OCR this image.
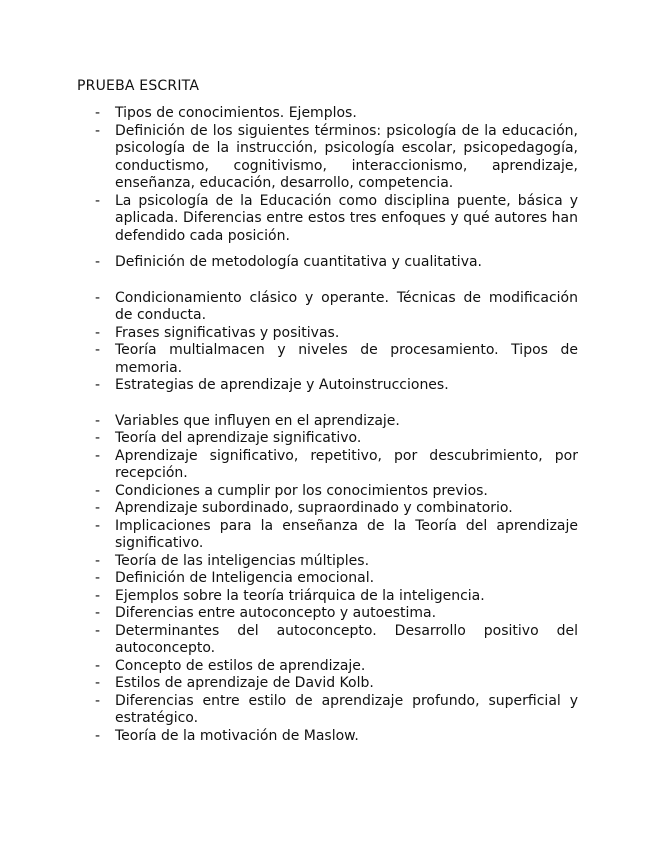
PRUEBA ESCRITA
- Tipos de conocimientos. Ejemplos.
- Definición de los siguientes términos: psicología de la educación, psicología de la instrucción, psicología escolar, psicopedagogía, conductismo, cognitivismo, interaccionismo, aprendizaje, enseñanza, educación, desarrollo, competencia.
- La psicología de la Educación como disciplina puente, básica y aplicada. Diferencias entre estos tres enfoques y qué autores han defendido cada posición.
- Definición de metodología cuantitativa y cualitativa.
- Condicionamiento clásico y operante. Técnicas de modificación de conducta.
- Frases significativas y positivas.
- Teoría multialmacen y niveles de procesamiento. Tipos de memoria.
- Estrategias de aprendizaje y Autoinstrucciones.
- Variables que influyen en el aprendizaje.
- Teoría del aprendizaje significativo.
- Aprendizaje significativo, repetitivo, por descubrimiento, por recepción.
- Condiciones a cumplir por los conocimientos previos.
- Aprendizaje subordinado, supraordinado y combinatorio.
- Implicaciones para la enseñanza de la Teoría del aprendizaje significativo.
- Teoría de las inteligencias múltiples.
- Definición de Inteligencia emocional.
- Ejemplos sobre la teoría triárquica de la inteligencia.
- Diferencias entre autoconcepto y autoestima.
- Determinantes del autoconcepto. Desarrollo positivo del autoconcepto.
- Concepto de estilos de aprendizaje.
- Estilos de aprendizaje de David Kolb.
- Diferencias entre estilo de aprendizaje profundo, superficial y estratégico.
- Teoría de la motivación de Maslow.
